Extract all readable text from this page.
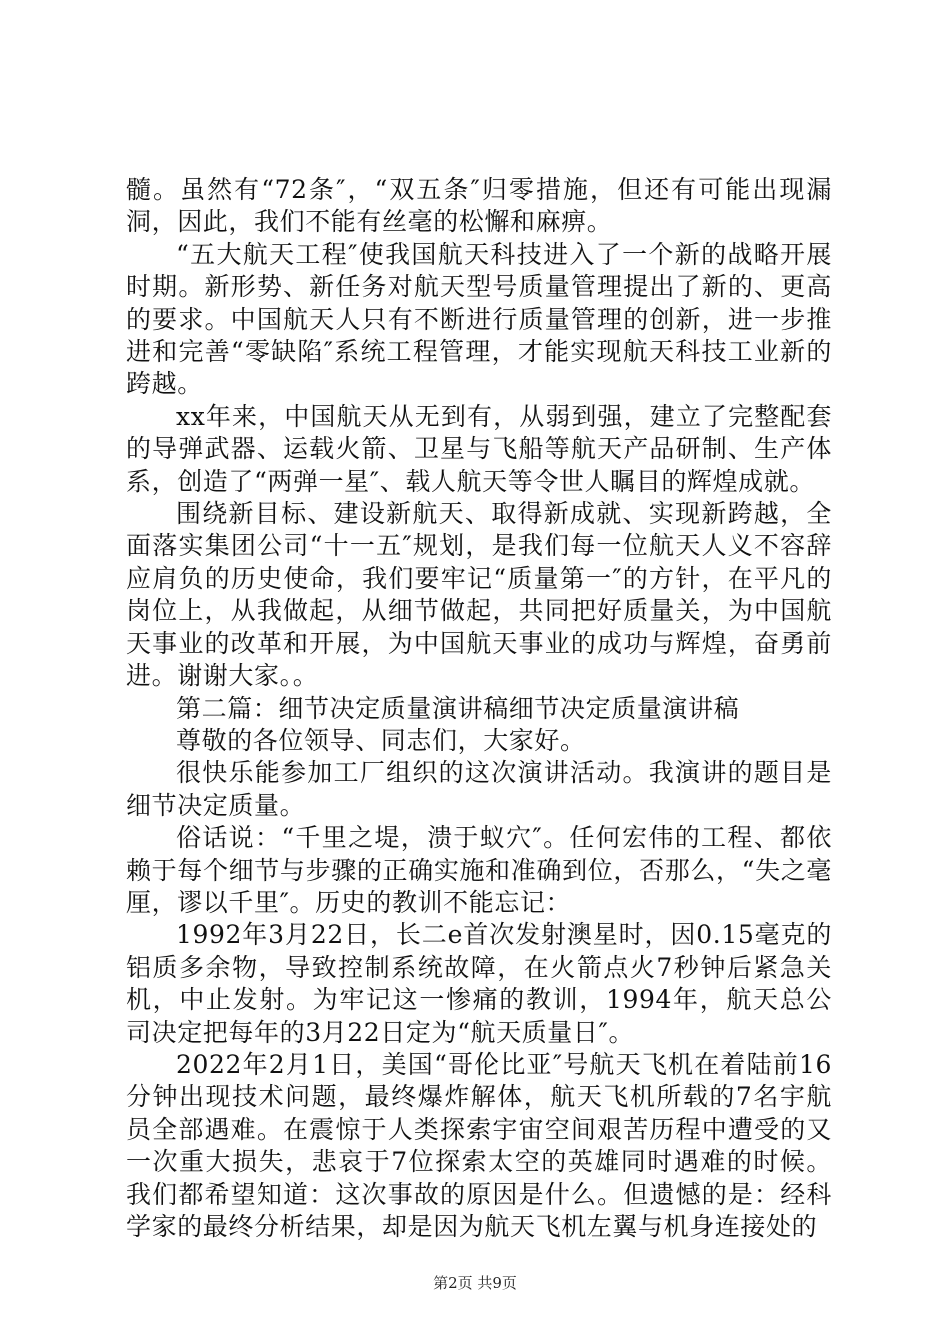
髓。虽然有“72条″，“双五条″归零措施，但还有可能出现漏洞，因此，我们不能有丝毫的松懈和麻痹。

“五大航天工程″使我国航天科技进入了一个新的战略开展时期。新形势、新任务对航天型号质量管理提出了新的、更高的要求。中国航天人只有不断进行质量管理的创新，进一步推进和完善“零缺陷″系统工程管理，才能实现航天科技工业新的跨越。

xx年来，中国航天从无到有，从弱到强，建立了完整配套的导弹武器、运载火箭、卫星与飞船等航天产品研制、生产体系，创造了“两弹一星″、载人航天等令世人瞩目的辉煌成就。

围绕新目标、建设新航天、取得新成就、实现新跨越，全面落实集团公司“十一五″规划，是我们每一位航天人义不容辞应肩负的历史使命，我们要牢记“质量第一″的方针，在平凡的岗位上，从我做起，从细节做起，共同把好质量关，为中国航天事业的改革和开展，为中国航天事业的成功与辉煌，奋勇前进。谢谢大家。。

第二篇：细节决定质量演讲稿细节决定质量演讲稿

尊敬的各位领导、同志们，大家好。

很快乐能参加工厂组织的这次演讲活动。我演讲的题目是细节决定质量。

俗话说：“千里之堤，溃于蚁穴″。任何宏伟的工程、都依赖于每个细节与步骤的正确实施和准确到位，否那么，“失之毫厘，谬以千里″。历史的教训不能忘记：

1992年3月22日，长二e首次发射澳星时，因0.15毫克的铝质多余物，导致控制系统故障，在火箭点火7秒钟后紧急关机，中止发射。为牢记这一惨痛的教训，1994年，航天总公司决定把每年的3月22日定为“航天质量日″。

2022年2月1日，美国“哥伦比亚″号航天飞机在着陆前16分钟出现技术问题，最终爆炸解体，航天飞机所载的7名宇航员全部遇难。在震惊于人类探索宇宙空间艰苦历程中遭受的又一次重大损失，悲哀于7位探索太空的英雄同时遇难的时候。我们都希望知道：这次事故的原因是什么。但遗憾的是：经科学家的最终分析结果，却是因为航天飞机左翼与机身连接处的

第2页 共9页
